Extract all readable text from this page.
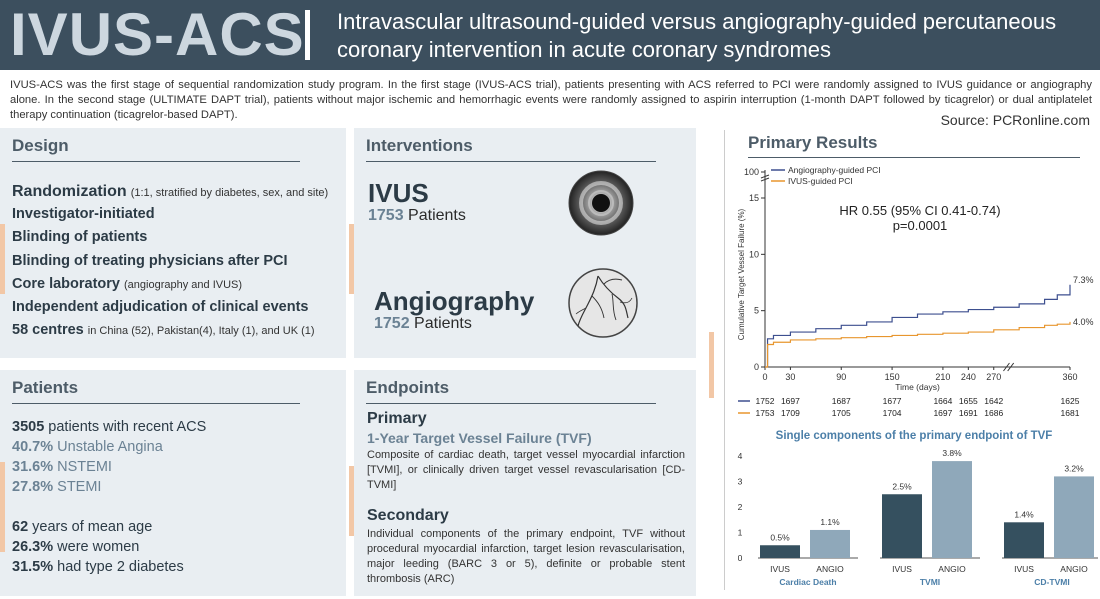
IVUS-ACS Intravascular ultrasound-guided versus angiography-guided percutaneous coronary intervention in acute coronary syndromes
IVUS-ACS was the first stage of sequential randomization study program. In the first stage (IVUS-ACS trial), patients presenting with ACS referred to PCI were randomly assigned to IVUS guidance or angiography alone. In the second stage (ULTIMATE DAPT trial), patients without major ischemic and hemorrhagic events were randomly assigned to aspirin interruption (1-month DAPT followed by ticagrelor) or dual antiplatelet therapy continuation (ticagrelor-based DAPT).	Source: PCRonline.com
Design
Randomization (1:1, stratified by diabetes, sex, and site)
Investigator-initiated
Blinding of patients
Blinding of treating physicians after PCI
Core laboratory (angiography and IVUS)
Independent adjudication of clinical events
58 centres in China (52), Pakistan(4), Italy (1), and UK (1)
Interventions
IVUS
1753 Patients
Angiography
1752 Patients
Patients
3505 patients with recent ACS
40.7% Unstable Angina
31.6% NSTEMI
27.8% STEMI
62 years of mean age
26.3% were women
31.5% had type 2 diabetes
Endpoints
Primary
1-Year Target Vessel Failure (TVF)
Composite of cardiac death, target vessel myocardial infarction [TVMI], or clinically driven target vessel revascularisation [CD-TVMI]
Secondary
Individual components of the primary endpoint, TVF without procedural myocardial infarction, target lesion revascularisation, major leeding (BARC 3 or 5), definite or probable stent thrombosis (ARC)
Primary Results
0
5
10
15
100
0 30	90	150	210 240 270	360
Time (days)
Cumulative Target Vessel Failure (%)	7.3%
Angiography-guided PCI
4.0%
IVUS-guided PCI
HR 0.55 (95% CI 0.41-0.74)
p=0.0001
1752 1697	1687	1677	1664 1655 1642	1625
1753 1709	1705	1704	1697 1691 1686	1681
Single components of the primary endpoint of TVF
0
1
2
3
4
0.5%
IVUS
1.1%
ANGIO
Cardiac Death
2.5%
IVUS
3.8%
ANGIO
TVMI
1.4%
IVUS
3.2%
ANGIO
CD-TVMI
